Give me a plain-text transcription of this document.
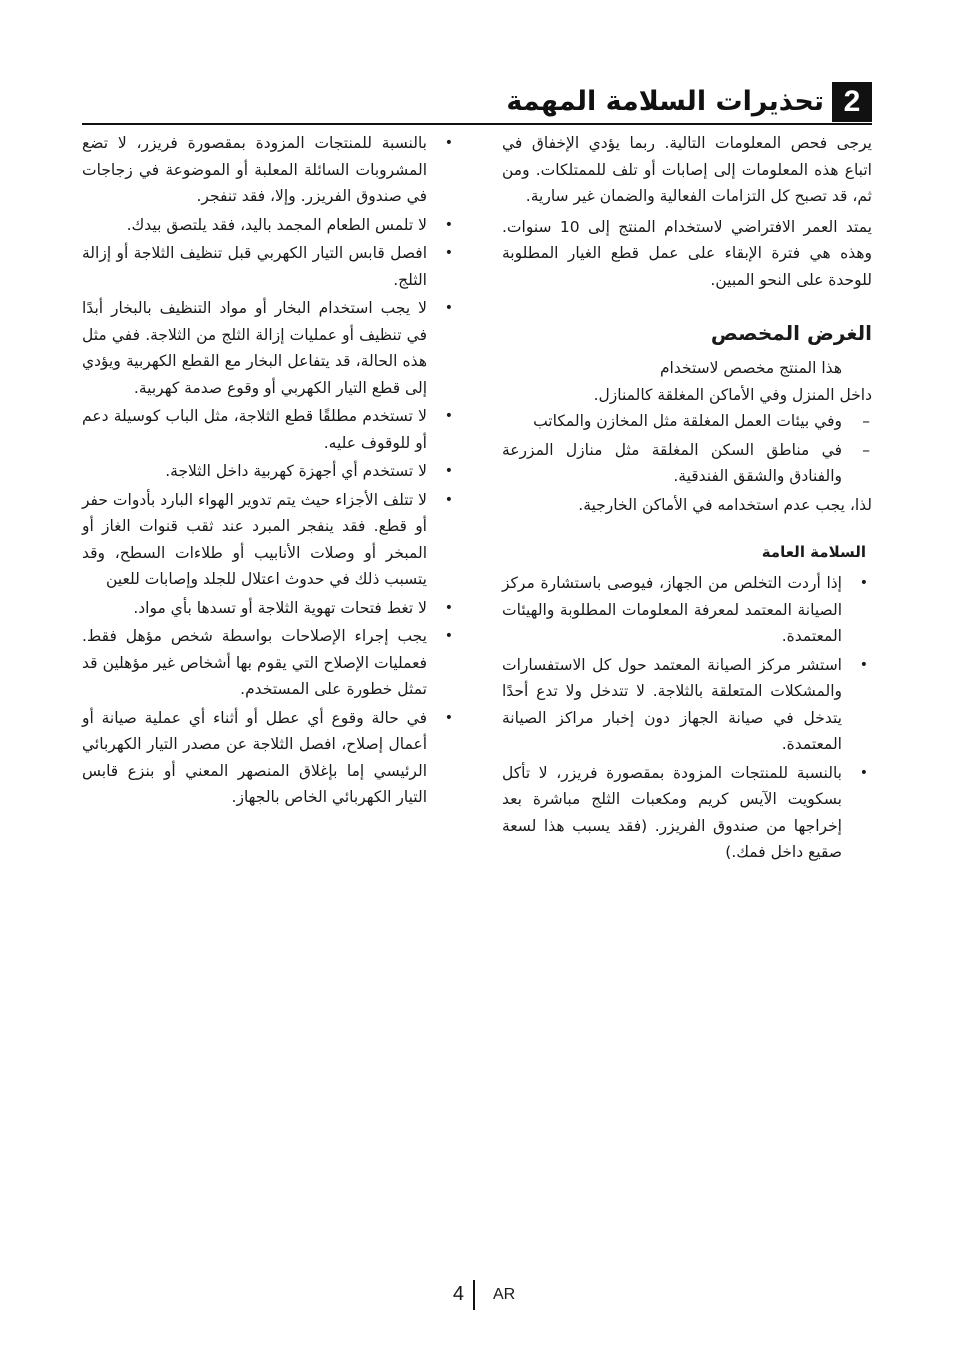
2
تحذيرات السلامة المهمة

يرجى فحص المعلومات التالية. ربما يؤدي الإخفاق في اتباع هذه المعلومات إلى إصابات أو تلف للممتلكات. ومن ثم، قد تصبح كل التزامات الفعالية والضمان غير سارية.

يمتد العمر الافتراضي لاستخدام المنتج إلى 10 سنوات. وهذه هي فترة الإبقاء على عمل قطع الغيار المطلوبة للوحدة على النحو المبين.

الغرض المخصص

هذا المنتج مخصص لاستخدام

داخل المنزل وفي الأماكن المغلقة كالمنازل.

–
وفي بيئات العمل المغلقة مثل المخازن والمكاتب
–
في مناطق السكن المغلقة مثل منازل المزرعة والفنادق والشقق الفندقية.

لذا، يجب عدم استخدامه في الأماكن الخارجية.

السلامة العامة
•
إذا أردت التخلص من الجهاز، فيوصى باستشارة مركز الصيانة المعتمد لمعرفة المعلومات المطلوبة والهيئات المعتمدة.
•
استشر مركز الصيانة المعتمد حول كل الاستفسارات والمشكلات المتعلقة بالثلاجة. لا تتدخل ولا تدع أحدًا يتدخل في صيانة الجهاز دون إخبار مراكز الصيانة المعتمدة.
•
بالنسبة للمنتجات المزودة بمقصورة فريزر، لا تأكل بسكويت الآيس كريم ومكعبات الثلج مباشرة بعد إخراجها من صندوق الفريزر. (فقد يسبب هذا لسعة صقيع داخل فمك.)
•
بالنسبة للمنتجات المزودة بمقصورة فريزر، لا تضع المشروبات السائلة المعلبة أو الموضوعة في زجاجات في صندوق الفريزر. وإلا، فقد تنفجر.
•
لا تلمس الطعام المجمد باليد، فقد يلتصق بيدك.
•
افصل قابس التيار الكهربي قبل تنظيف الثلاجة أو إزالة الثلج.
•
لا يجب استخدام البخار أو مواد التنظيف بالبخار أبدًا في تنظيف أو عمليات إزالة الثلج من الثلاجة. ففي مثل هذه الحالة، قد يتفاعل البخار مع القطع الكهربية ويؤدي إلى قطع التيار الكهربي أو وقوع صدمة كهربية.
•
لا تستخدم مطلقًا قطع الثلاجة، مثل الباب كوسيلة دعم أو للوقوف عليه.
•
لا تستخدم أي أجهزة كهربية داخل الثلاجة.
•
لا تتلف الأجزاء حيث يتم تدوير الهواء البارد بأدوات حفر أو قطع. فقد ينفجر المبرد عند ثقب قنوات الغاز أو المبخر أو وصلات الأنابيب أو طلاءات السطح، وقد يتسبب ذلك في حدوث اعتلال للجلد وإصابات للعين
•
لا تغط فتحات تهوية الثلاجة أو تسدها بأي مواد.
•
يجب إجراء الإصلاحات بواسطة شخص مؤهل فقط. فعمليات الإصلاح التي يقوم بها أشخاص غير مؤهلين قد تمثل خطورة على المستخدم.
•
في حالة وقوع أي عطل أو أثناء أي عملية صيانة أو أعمال إصلاح، افصل الثلاجة عن مصدر التيار الكهربائي الرئيسي إما بإغلاق المنصهر المعني أو بنزع قابس التيار الكهربائي الخاص بالجهاز.
4 AR
